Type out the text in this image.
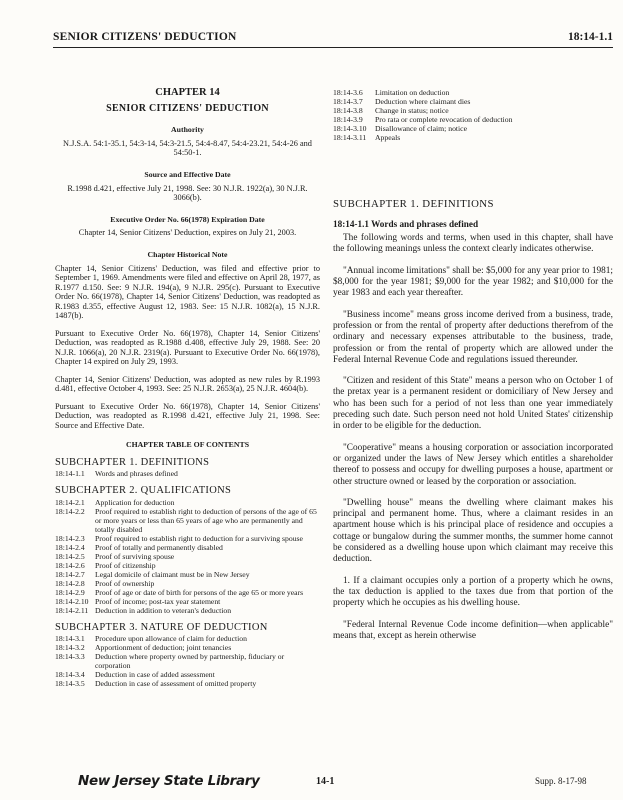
SENIOR CITIZENS' DEDUCTION	18:14-1.1
CHAPTER 14
SENIOR CITIZENS' DEDUCTION
Authority
N.J.S.A. 54:1-35.1, 54:3-14, 54:3-21.5, 54:4-8.47, 54:4-23.21, 54:4-26 and 54:50-1.
Source and Effective Date
R.1998 d.421, effective July 21, 1998. See: 30 N.J.R. 1922(a), 30 N.J.R. 3066(b).
Executive Order No. 66(1978) Expiration Date
Chapter 14, Senior Citizens' Deduction, expires on July 21, 2003.
Chapter Historical Note
Chapter 14, Senior Citizens' Deduction, was filed and effective prior to September 1, 1969. Amendments were filed and effective on April 28, 1977, as R.1977 d.150. See: 9 N.J.R. 194(a), 9 N.J.R. 295(c). Pursuant to Executive Order No. 66(1978), Chapter 14, Senior Citizens' Deduction, was readopted as R.1983 d.355, effective August 12, 1983. See: 15 N.J.R. 1082(a), 15 N.J.R. 1487(b).
Pursuant to Executive Order No. 66(1978), Chapter 14, Senior Citizens' Deduction, was readopted as R.1988 d.408, effective July 29, 1988. See: 20 N.J.R. 1066(a), 20 N.J.R. 2319(a). Pursuant to Executive Order No. 66(1978), Chapter 14 expired on July 29, 1993.
Chapter 14, Senior Citizens' Deduction, was adopted as new rules by R.1993 d.481, effective October 4, 1993. See: 25 N.J.R. 2653(a), 25 N.J.R. 4604(b).
Pursuant to Executive Order No. 66(1978), Chapter 14, Senior Citizens' Deduction, was readopted as R.1998 d.421, effective July 21, 1998. See: Source and Effective Date.
CHAPTER TABLE OF CONTENTS
SUBCHAPTER 1. DEFINITIONS
18:14-1.1	Words and phrases defined
SUBCHAPTER 2. QUALIFICATIONS
18:14-2.1	Application for deduction
18:14-2.2	Proof required to establish right to deduction of persons of the age of 65 or more years or less than 65 years of age who are permanently and totally disabled
18:14-2.3	Proof required to establish right to deduction for a surviving spouse
18:14-2.4	Proof of totally and permanently disabled
18:14-2.5	Proof of surviving spouse
18:14-2.6	Proof of citizenship
18:14-2.7	Legal domicile of claimant must be in New Jersey
18:14-2.8	Proof of ownership
18:14-2.9	Proof of age or date of birth for persons of the age 65 or more years
18:14-2.10 Proof of income; post-tax year statement
18:14-2.11 Deduction in addition to veteran's deduction
SUBCHAPTER 3. NATURE OF DEDUCTION
18:14-3.1	Procedure upon allowance of claim for deduction
18:14-3.2	Apportionment of deduction; joint tenancies
18:14-3.3	Deduction where property owned by partnership, fiduciary or corporation
18:14-3.4	Deduction in case of added assessment
18:14-3.5	Deduction in case of assessment of omitted property
18:14-3.6	Limitation on deduction
18:14-3.7	Deduction where claimant dies
18:14-3.8	Change in status; notice
18:14-3.9	Pro rata or complete revocation of deduction
18:14-3.10	Disallowance of claim; notice
18:14-3.11	Appeals
SUBCHAPTER 1. DEFINITIONS
18:14-1.1 Words and phrases defined
The following words and terms, when used in this chapter, shall have the following meanings unless the context clearly indicates otherwise.
"Annual income limitations" shall be: $5,000 for any year prior to 1981; $8,000 for the year 1981; $9,000 for the year 1982; and $10,000 for the year 1983 and each year thereafter.
"Business income" means gross income derived from a business, trade, profession or from the rental of property after deductions therefrom of the ordinary and necessary expenses attributable to the business, trade, profession or from the rental of property which are allowed under the Federal Internal Revenue Code and regulations issued thereunder.
"Citizen and resident of this State" means a person who on October 1 of the pretax year is a permanent resident or domiciliary of New Jersey and who has been such for a period of not less than one year immediately preceding such date. Such person need not hold United States' citizenship in order to be eligible for the deduction.
"Cooperative" means a housing corporation or association incorporated or organized under the laws of New Jersey which entitles a shareholder thereof to possess and occupy for dwelling purposes a house, apartment or other structure owned or leased by the corporation or association.
"Dwelling house" means the dwelling where claimant makes his principal and permanent home. Thus, where a claimant resides in an apartment house which is his principal place of residence and occupies a cottage or bungalow during the summer months, the summer home cannot be considered as a dwelling house upon which claimant may receive this deduction.
1. If a claimant occupies only a portion of a property which he owns, the tax deduction is applied to the taxes due from that portion of the property which he occupies as his dwelling house.
"Federal Internal Revenue Code income definition—when applicable" means that, except as herein otherwise
New Jersey State Library	14-1	Supp. 8-17-98
